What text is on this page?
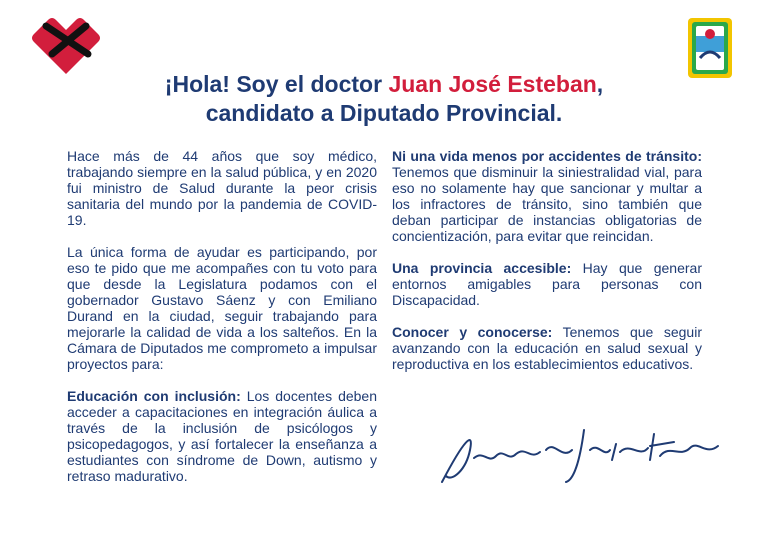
¡Hola! Soy el doctor Juan José Esteban,
candidato a Diputado Provincial.

Hace más de 44 años que soy médico, trabajando siempre en la salud pública, y en 2020 fui ministro de Salud durante la peor crisis sanitaria del mundo por la pandemia de COVID-19.

La única forma de ayudar es participando, por eso te pido que me acompañes con tu voto para que desde la Legislatura podamos con el gobernador Gustavo Sáenz y con Emiliano Durand en la ciudad, seguir trabajando para mejorarle la calidad de vida a los salteños. En la Cámara de Diputados me comprometo a impulsar proyectos para:

Educación con inclusión: Los docentes deben acceder a capacitaciones en integración áulica a través de la inclusión de psicólogos y psicopedagogos, y así fortalecer la enseñanza a estudiantes con síndrome de Down, autismo y retraso madurativo.

Ni una vida menos por accidentes de tránsito: Tenemos que disminuir la siniestralidad vial, para eso no solamente hay que sancionar y multar a los infractores de tránsito, sino también que deban participar de instancias obligatorias de concientización, para evitar que reincidan.

Una provincia accesible: Hay que generar entornos amigables para personas con Discapacidad.

Conocer y conocerse: Tenemos que seguir avanzando con la educación en salud sexual y reproductiva en los establecimientos educativos.
